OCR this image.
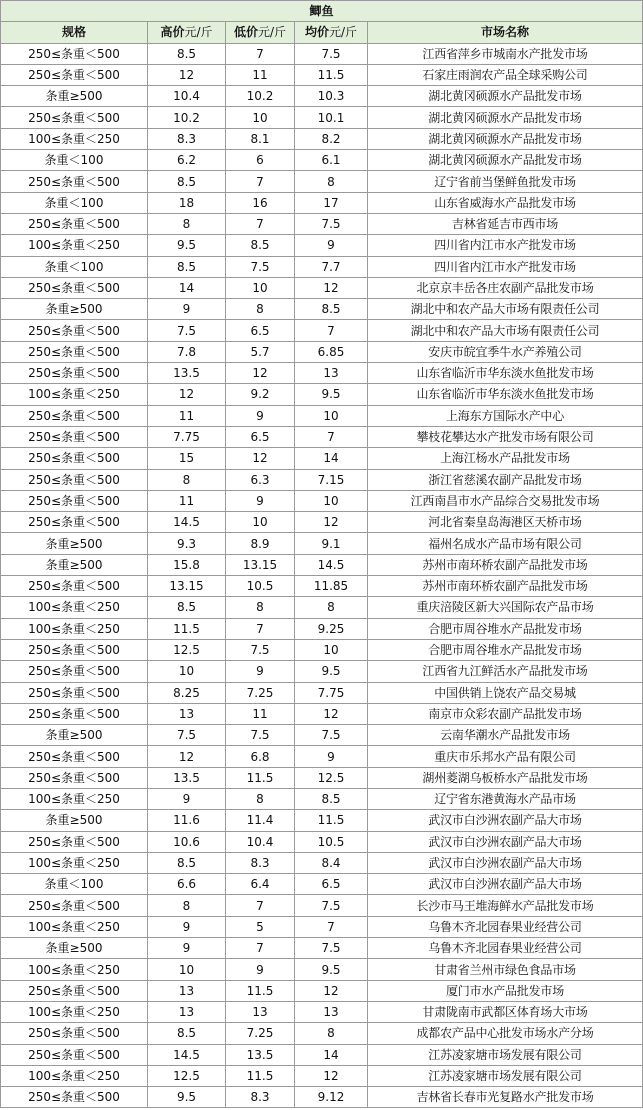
鲫鱼				
规格	高价元/斤	低价元/斤	均价元/斤	市场名称
250≤条重＜500	8.5	7	7.5	江西省萍乡市城南水产批发市场
250≤条重＜500	12	11	11.5	石家庄雨润农产品全球采购公司
条重≥500	10.4	10.2	10.3	湖北黄冈硕源水产品批发市场
250≤条重＜500	10.2	10	10.1	湖北黄冈硕源水产品批发市场
100≤条重＜250	8.3	8.1	8.2	湖北黄冈硕源水产品批发市场
条重＜100	6.2	6	6.1	湖北黄冈硕源水产品批发市场
250≤条重＜500	8.5	7	8	辽宁省前当堡鲜鱼批发市场
条重＜100	18	16	17	山东省威海水产品批发市场
250≤条重＜500	8	7	7.5	吉林省延吉市西市场
100≤条重＜250	9.5	8.5	9	四川省内江市水产批发市场
条重＜100	8.5	7.5	7.7	四川省内江市水产批发市场
250≤条重＜500	14	10	12	北京京丰岳各庄农副产品批发市场
条重≥500	9	8	8.5	湖北中和农产品大市场有限责任公司
250≤条重＜500	7.5	6.5	7	湖北中和农产品大市场有限责任公司
250≤条重＜500	7.8	5.7	6.85	安庆市皖宜季牛水产养殖公司
250≤条重＜500	13.5	12	13	山东省临沂市华东淡水鱼批发市场
100≤条重＜250	12	9.2	9.5	山东省临沂市华东淡水鱼批发市场
250≤条重＜500	11	9	10	上海东方国际水产中心
250≤条重＜500	7.75	6.5	7	攀枝花攀达水产批发市场有限公司
250≤条重＜500	15	12	14	上海江杨水产品批发市场
250≤条重＜500	8	6.3	7.15	浙江省慈溪农副产品批发市场
250≤条重＜500	11	9	10	江西南昌市水产品综合交易批发市场
250≤条重＜500	14.5	10	12	河北省秦皇岛海港区天桥市场
条重≥500	9.3	8.9	9.1	福州名成水产品市场有限公司
条重≥500	15.8	13.15	14.5	苏州市南环桥农副产品批发市场
250≤条重＜500	13.15	10.5	11.85	苏州市南环桥农副产品批发市场
100≤条重＜250	8.5	8	8	重庆涪陵区新大兴国际农产品市场
100≤条重＜250	11.5	7	9.25	合肥市周谷堆水产品批发市场
250≤条重＜500	12.5	7.5	10	合肥市周谷堆水产品批发市场
250≤条重＜500	10	9	9.5	江西省九江鲜活水产品批发市场
250≤条重＜500	8.25	7.25	7.75	中国供销上饶农产品交易城
250≤条重＜500	13	11	12	南京市众彩农副产品批发市场
条重≥500	7.5	7.5	7.5	云南华潮水产品批发市场
250≤条重＜500	12	6.8	9	重庆市乐邦水产品有限公司
250≤条重＜500	13.5	11.5	12.5	湖州菱湖乌板桥水产品批发市场
100≤条重＜250	9	8	8.5	辽宁省东港黄海水产品市场
条重≥500	11.6	11.4	11.5	武汉市白沙洲农副产品大市场
250≤条重＜500	10.6	10.4	10.5	武汉市白沙洲农副产品大市场
100≤条重＜250	8.5	8.3	8.4	武汉市白沙洲农副产品大市场
条重＜100	6.6	6.4	6.5	武汉市白沙洲农副产品大市场
250≤条重＜500	8	7	7.5	长沙市马王堆海鲜水产品批发市场
100≤条重＜250	9	5	7	乌鲁木齐北园春果业经营公司
条重≥500	9	7	7.5	乌鲁木齐北园春果业经营公司
100≤条重＜250	10	9	9.5	甘肃省兰州市绿色食品市场
250≤条重＜500	13	11.5	12	厦门市水产品批发市场
100≤条重＜250	13	13	13	甘肃陇南市武都区体育场大市场
250≤条重＜500	8.5	7.25	8	成都农产品中心批发市场水产分场
250≤条重＜500	14.5	13.5	14	江苏凌家塘市场发展有限公司
100≤条重＜250	12.5	11.5	12	江苏凌家塘市场发展有限公司
250≤条重＜500	9.5	8.3	9.12	吉林省长春市光复路水产批发市场
